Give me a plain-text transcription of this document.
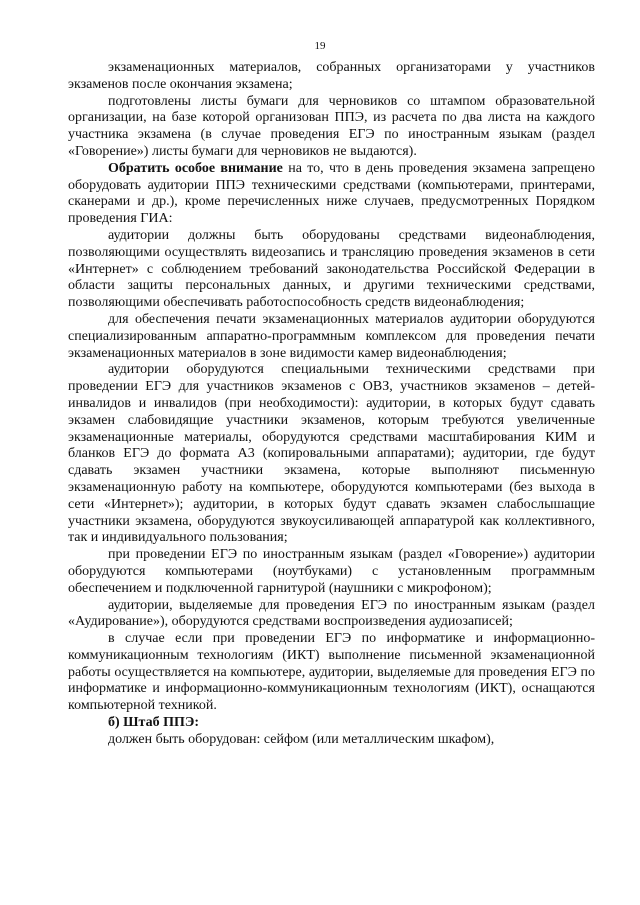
19

экзаменационных материалов, собранных организаторами у участников экзаменов после окончания экзамена;

подготовлены листы бумаги для черновиков со штампом образовательной организации, на базе которой организован ППЭ, из расчета по два листа на каждого участника экзамена (в случае проведения ЕГЭ по иностранным языкам (раздел «Говорение») листы бумаги для черновиков не выдаются).

Обратить особое внимание на то, что в день проведения экзамена запрещено оборудовать аудитории ППЭ техническими средствами (компьютерами, принтерами, сканерами и др.), кроме перечисленных ниже случаев, предусмотренных Порядком проведения ГИА:

аудитории должны быть оборудованы средствами видеонаблюдения, позволяющими осуществлять видеозапись и трансляцию проведения экзаменов в сети «Интернет» с соблюдением требований законодательства Российской Федерации в области защиты персональных данных, и другими техническими средствами, позволяющими обеспечивать работоспособность средств видеонаблюдения;

для обеспечения печати экзаменационных материалов аудитории оборудуются специализированным аппаратно-программным комплексом для проведения печати экзаменационных материалов в зоне видимости камер видеонаблюдения;

аудитории оборудуются специальными техническими средствами при проведении ЕГЭ для участников экзаменов с ОВЗ, участников экзаменов – детей-инвалидов и инвалидов (при необходимости): аудитории, в которых будут сдавать экзамен слабовидящие участники экзаменов, которым требуются увеличенные экзаменационные материалы, оборудуются средствами масштабирования КИМ и бланков ЕГЭ до формата А3 (копировальными аппаратами); аудитории, где будут сдавать экзамен участники экзамена, которые выполняют письменную экзаменационную работу на компьютере, оборудуются компьютерами (без выхода в сети «Интернет»); аудитории, в которых будут сдавать экзамен слабослышащие участники экзамена, оборудуются звукоусиливающей аппаратурой как коллективного, так и индивидуального пользования;

при проведении ЕГЭ по иностранным языкам (раздел «Говорение») аудитории оборудуются компьютерами (ноутбуками) с установленным программным обеспечением и подключенной гарнитурой (наушники с микрофоном);

аудитории, выделяемые для проведения ЕГЭ по иностранным языкам (раздел «Аудирование»), оборудуются средствами воспроизведения аудиозаписей;

в случае если при проведении ЕГЭ по информатике и информационно-коммуникационным технологиям (ИКТ) выполнение письменной экзаменационной работы осуществляется на компьютере, аудитории, выделяемые для проведения ЕГЭ по информатике и информационно-коммуникационным технологиям (ИКТ), оснащаются компьютерной техникой.

б) Штаб ППЭ:

должен быть оборудован: сейфом (или металлическим шкафом),
